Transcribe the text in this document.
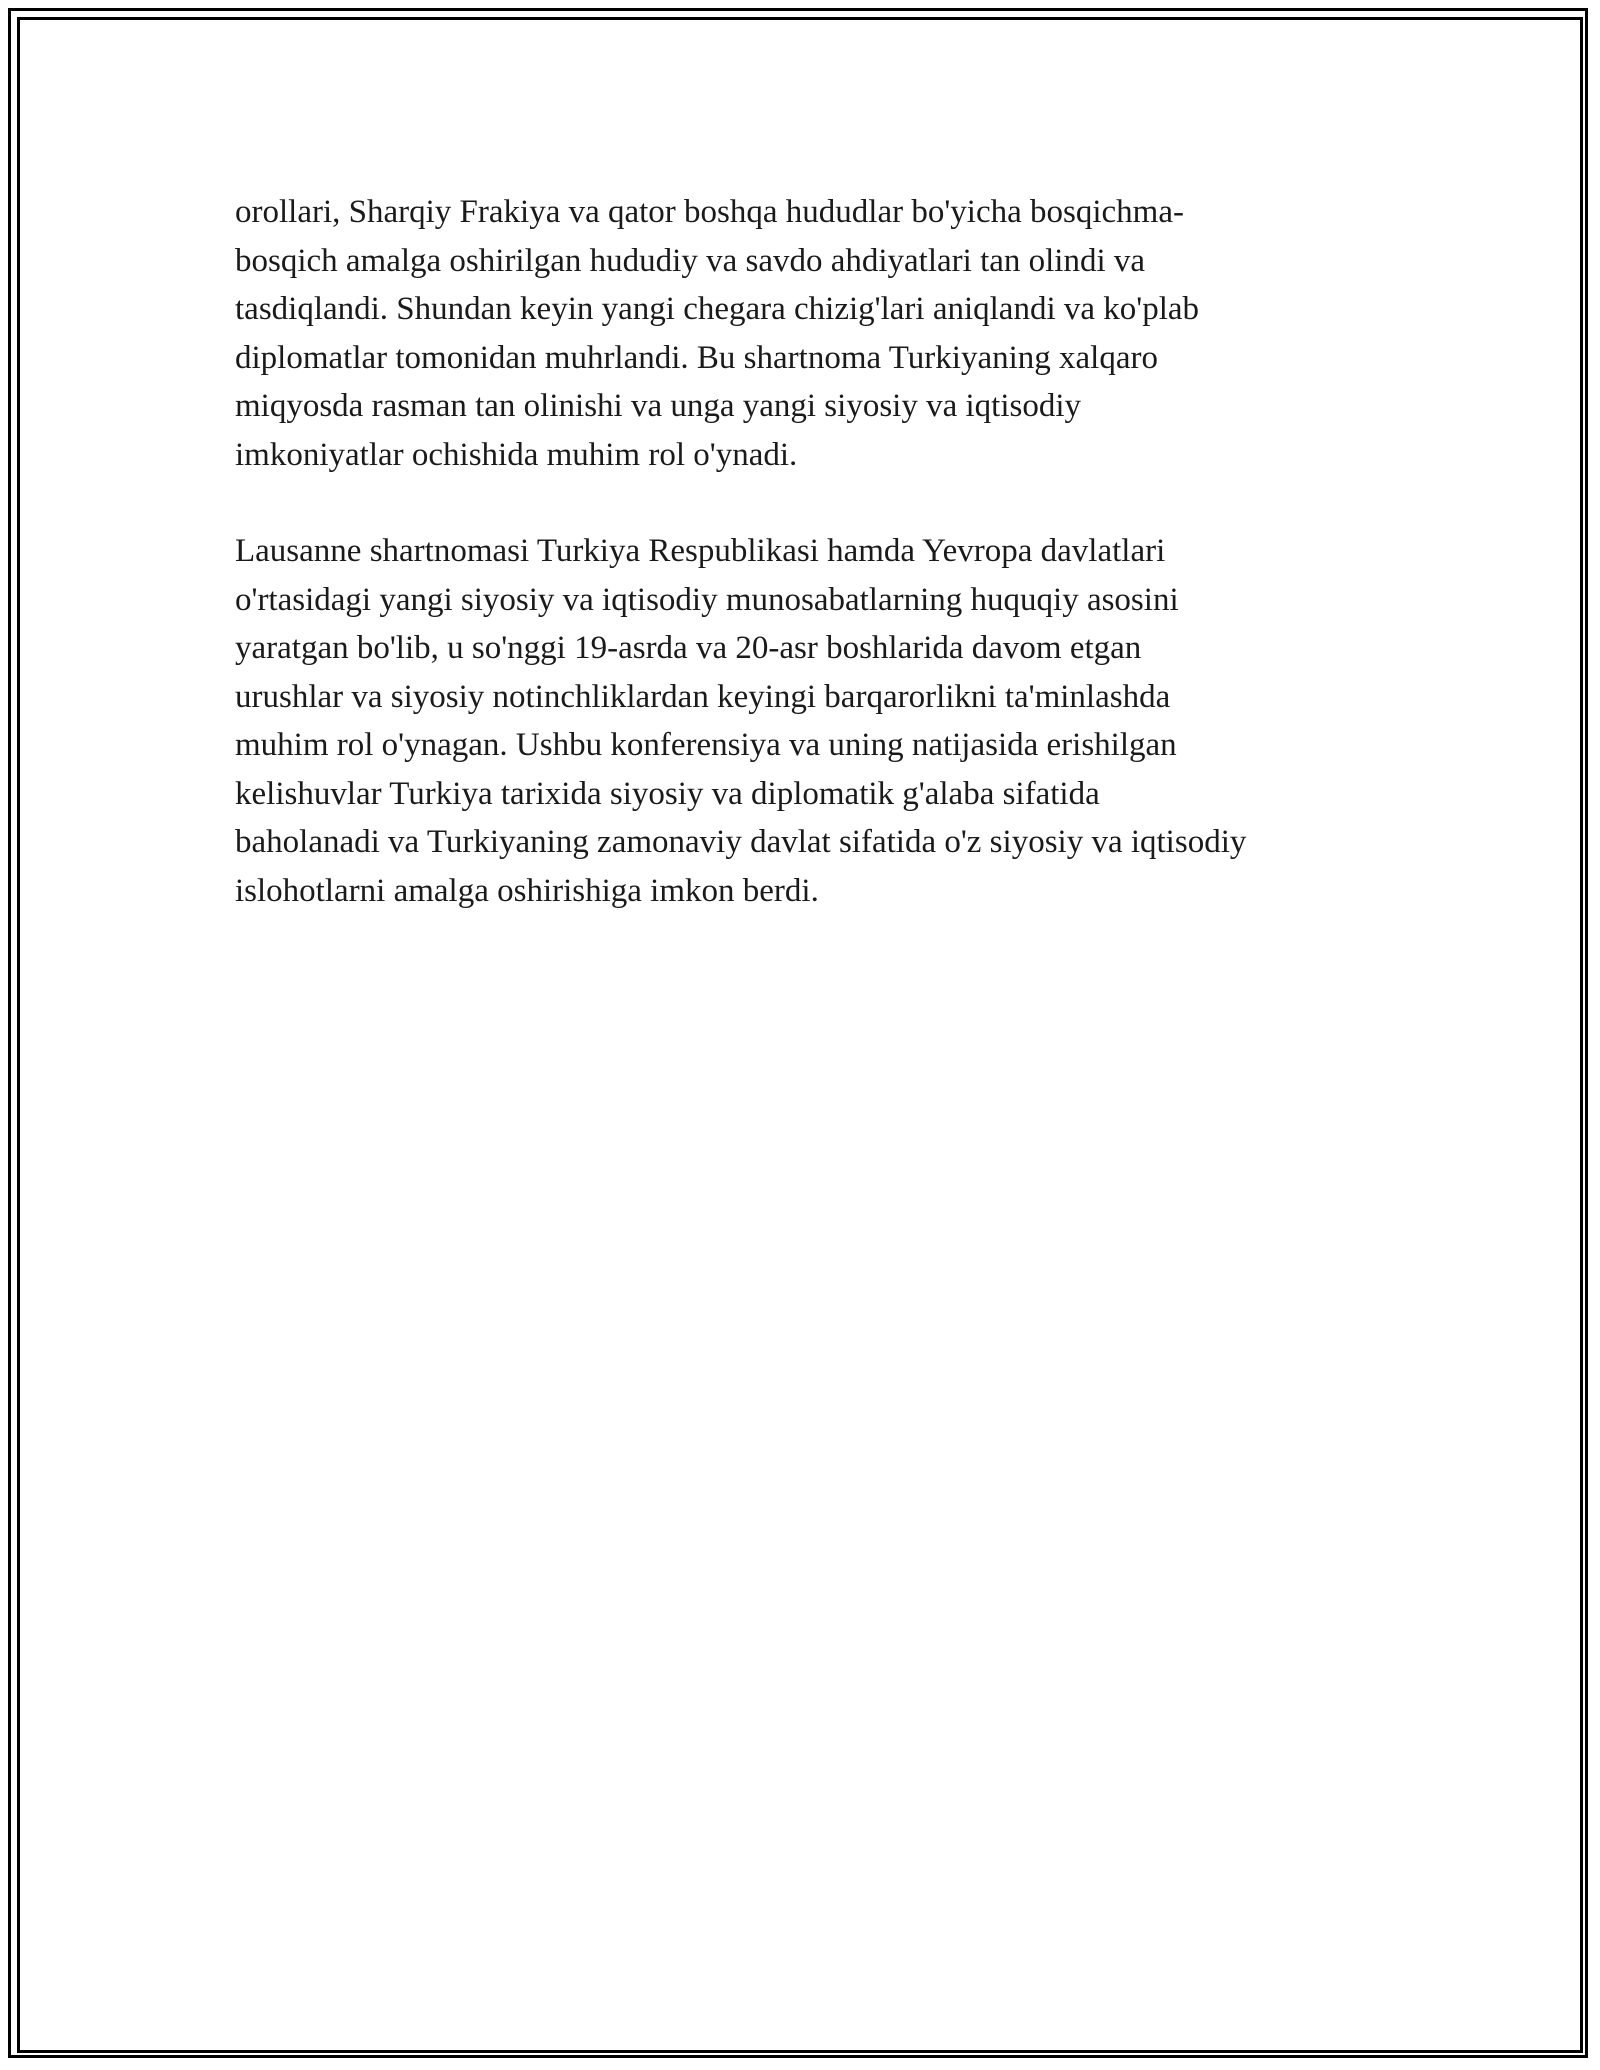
orollari, Sharqiy Frakiya va qator boshqa hududlar bo'yicha bosqichma-
bosqich amalga oshirilgan hududiy va savdo ahdiyatlari tan olindi va
tasdiqlandi. Shundan keyin yangi chegara chizig'lari aniqlandi va ko'plab
diplomatlar tomonidan muhrlandi. Bu shartnoma Turkiyaning xalqaro
miqyosda rasman tan olinishi va unga yangi siyosiy va iqtisodiy
imkoniyatlar ochishida muhim rol o'ynadi.

Lausanne shartnomasi Turkiya Respublikasi hamda Yevropa davlatlari
o'rtasidagi yangi siyosiy va iqtisodiy munosabatlarning huquqiy asosini
yaratgan bo'lib, u so'nggi 19-asrda va 20-asr boshlarida davom etgan
urushlar va siyosiy notinchliklardan keyingi barqarorlikni ta'minlashda
muhim rol o'ynagan. Ushbu konferensiya va uning natijasida erishilgan
kelishuvlar Turkiya tarixida siyosiy va diplomatik g'alaba sifatida
baholanadi va Turkiyaning zamonaviy davlat sifatida o'z siyosiy va iqtisodiy
islohotlarni amalga oshirishiga imkon berdi.
